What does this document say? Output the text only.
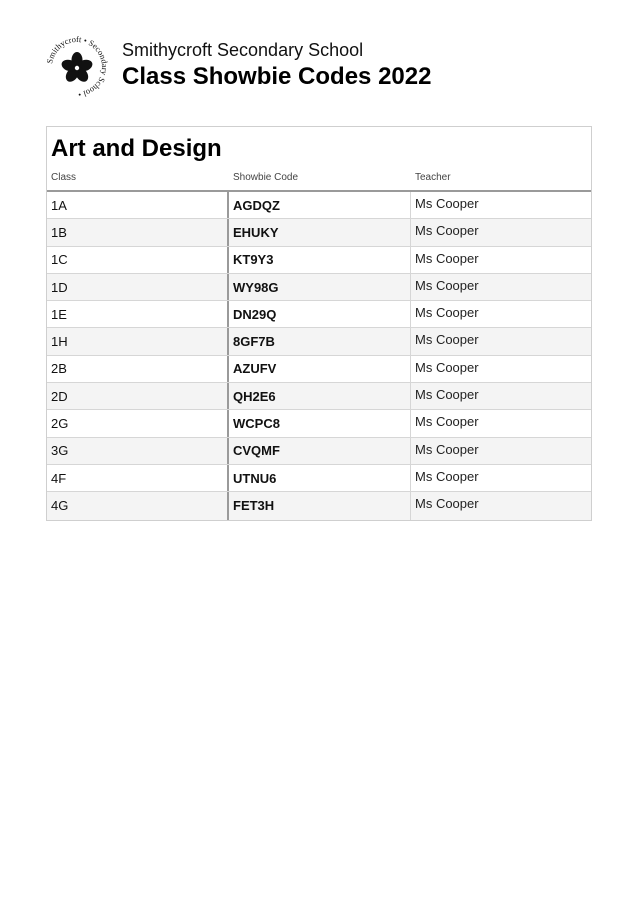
Smithycroft • Secondary School •
Smithycroft Secondary School
Class Showbie Codes 2022
Art and Design
Class	Showbie Code	Teacher
1A	AGDQZ	Ms Cooper
1B	EHUKY	Ms Cooper
1C	KT9Y3	Ms Cooper
1D	WY98G	Ms Cooper
1E	DN29Q	Ms Cooper
1H	8GF7B	Ms Cooper
2B	AZUFV	Ms Cooper
2D	QH2E6	Ms Cooper
2G	WCPC8	Ms Cooper
3G	CVQMF	Ms Cooper
4F	UTNU6	Ms Cooper
4G	FET3H	Ms Cooper
